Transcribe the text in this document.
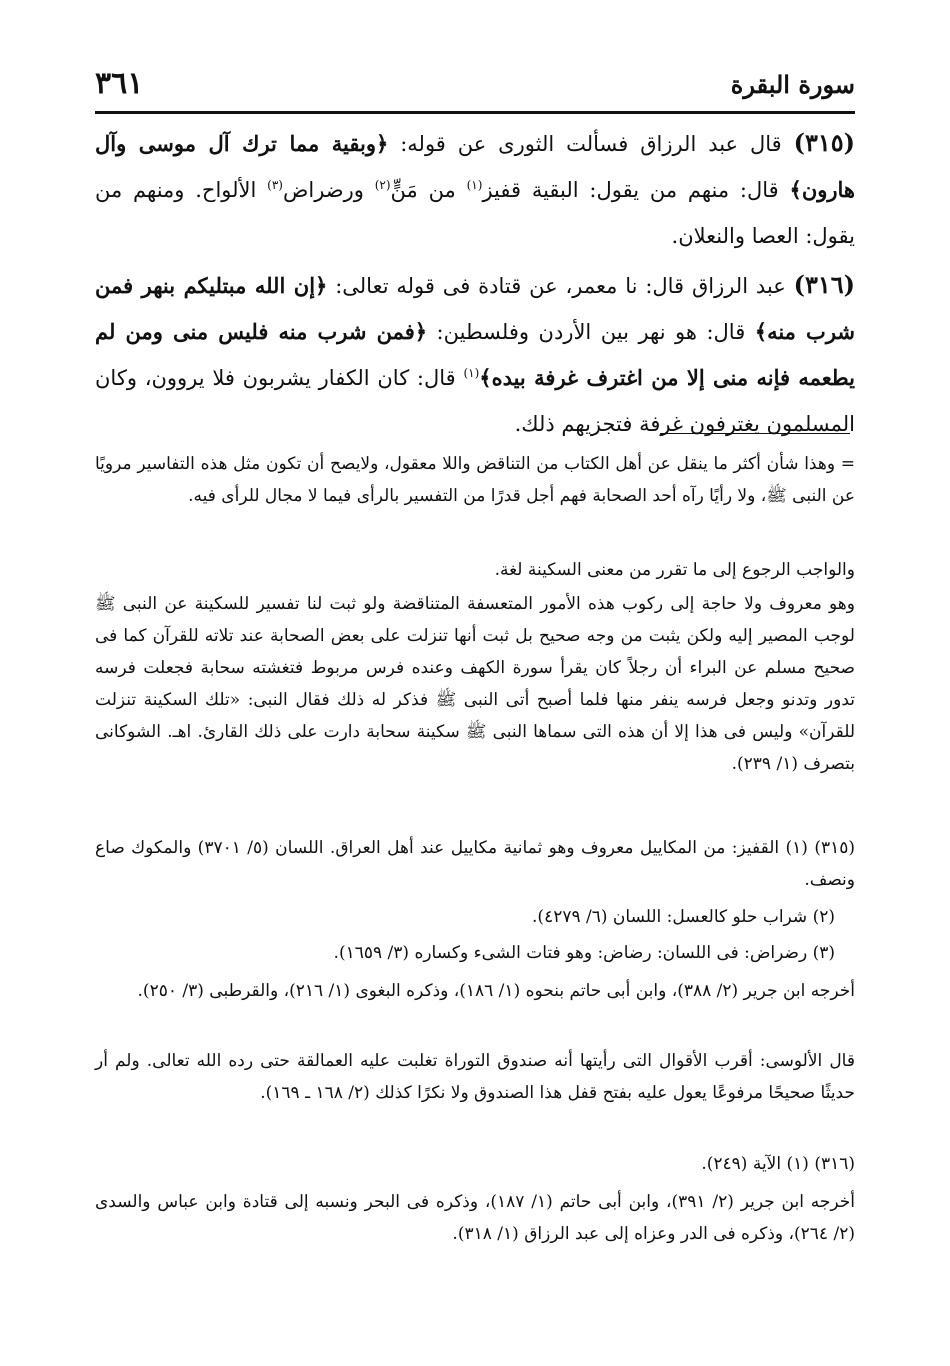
٣٦١	سورة البقرة
(٣١٥) قال عبد الرزاق فسألت الثورى عن قوله: ﴿وبقية مما ترك آل موسى وآل هارون﴾ قال: منهم من يقول: البقية قفيز$^{(١)}$ من مَنٍّ$^{(٢)}$ ورضراض$^{(٣)}$ الألواح. ومنهم من يقول: العصا والنعلان.
(٣١٦) عبد الرزاق قال: نا معمر، عن قتادة فى قوله تعالى: ﴿إن الله مبتليكم بنهر فمن شرب منه﴾ قال: هو نهر بين الأردن وفلسطين: ﴿فمن شرب منه فليس منى ومن لم يطعمه فإنه منى إلا من اغترف غرفة بيده﴾$^{(١)}$ قال: كان الكفار يشربون فلا يروون، وكان المسلمون يغترفون غرفة فتجزيهم ذلك.
= وهذا شأن أكثر ما ينقل عن أهل الكتاب من التناقض واللا معقول، ولايصح أن تكون مثل هذه التفاسير مرويًا عن النبى ﷺ، ولا رأيًا رآه أحد الصحابة فهم أجل قدرًا من التفسير بالرأى فيما لا مجال للرأى فيه.
والواجب الرجوع إلى ما تقرر من معنى السكينة لغة.
وهو معروف ولا حاجة إلى ركوب هذه الأمور المتعسفة المتناقضة ولو ثبت لنا تفسير للسكينة عن النبى ﷺ لوجب المصير إليه ولكن يثبت من وجه صحيح بل ثبت أنها تنزلت على بعض الصحابة عند تلاته للقرآن كما فى صحيح مسلم عن البراء أن رجلاً كان يقرأ سورة الكهف وعنده فرس مربوط فتغشته سحابة فجعلت فرسه تدور وتدنو وجعل فرسه ينفر منها فلما أصبح أتى النبى ﷺ فذكر له ذلك فقال النبى: «تلك السكينة تنزلت للقرآن» وليس فى هذا إلا أن هذه التى سماها النبى ﷺ سكينة سحابة دارت على ذلك القارئ. اهـ. الشوكانى بتصرف (١/ ٢٣٩).
(٣١٥) (١) القفيز: من المكاييل معروف وهو ثمانية مكاييل عند أهل العراق. اللسان (٥/ ٣٧٠١) والمكوك صاع ونصف.
(٢) شراب حلو كالعسل: اللسان (٦/ ٤٢٧٩).
(٣) رضراض: فى اللسان: رضاض: وهو فتات الشىء وكساره (٣/ ١٦٥٩).
أخرجه ابن جرير (٢/ ٣٨٨)، وابن أبى حاتم بنحوه (١/ ١٨٦)، وذكره البغوى (١/ ٢١٦)، والقرطبى (٣/ ٢٥٠).
قال الألوسى: أقرب الأقوال التى رأيتها أنه صندوق التوراة تغلبت عليه العمالقة حتى رده الله تعالى. ولم أر حديثًا صحيحًا مرفوعًا يعول عليه بفتح قفل هذا الصندوق ولا نكرًا كذلك (٢/ ١٦٨ ـ ١٦٩).
(٣١٦) (١) الآية (٢٤٩).
أخرجه ابن جرير (٢/ ٣٩١)، وابن أبى حاتم (١/ ١٨٧)، وذكره فى البحر ونسبه إلى قتادة وابن عباس والسدى (٢/ ٢٦٤)، وذكره فى الدر وعزاه إلى عبد الرزاق (١/ ٣١٨).
